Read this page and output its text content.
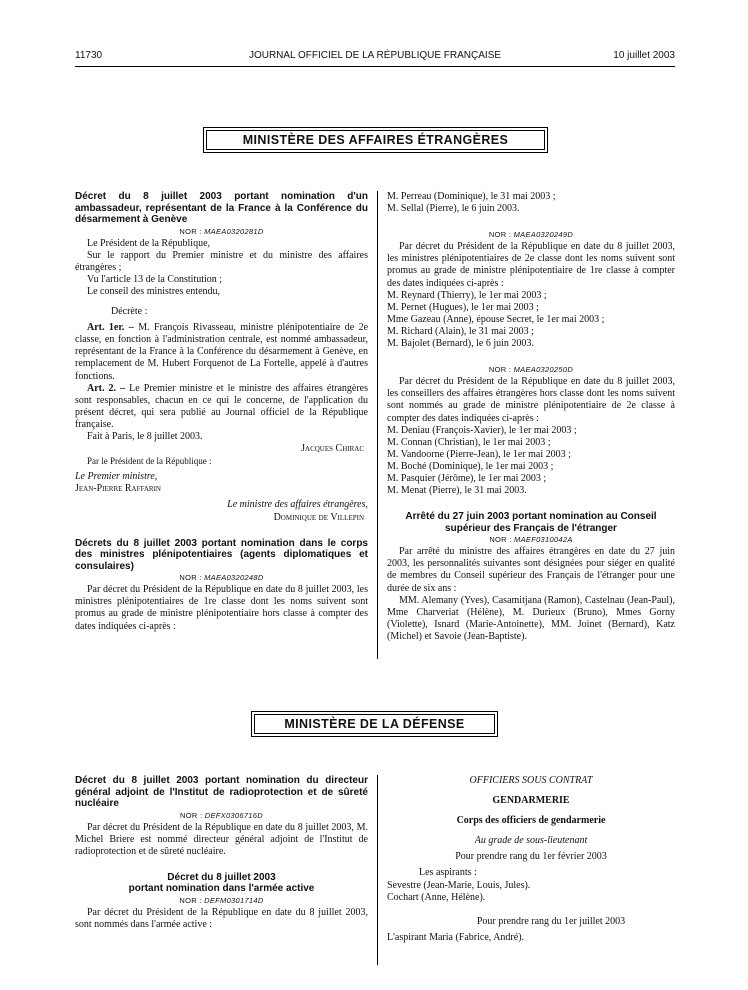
11730	JOURNAL OFFICIEL DE LA RÉPUBLIQUE FRANÇAISE	10 juillet 2003
MINISTÈRE DES AFFAIRES ÉTRANGÈRES

Décret du 8 juillet 2003 portant nomination d'un ambassadeur, représentant de la France à la Conférence du désarmement à Genève

NOR : MAEA0320281D

Le Président de la République,

Sur le rapport du Premier ministre et du ministre des affaires étrangères ;

Vu l'article 13 de la Constitution ;

Le conseil des ministres entendu,

Décrète :

Art. 1er. – M. François Rivasseau, ministre plénipotentiaire de 2e classe, en fonction à l'administration centrale, est nommé ambassadeur, représentant de la France à la Conférence du désarmement à Genève, en remplacement de M. Hubert Forquenot de La Fortelle, appelé à d'autres fonctions.

Art. 2. – Le Premier ministre et le ministre des affaires étrangères sont responsables, chacun en ce qui le concerne, de l'application du présent décret, qui sera publié au Journal officiel de la République française.

Fait à Paris, le 8 juillet 2003.

Jacques Chirac

Par le Président de la République :

Le Premier ministre,

Jean-Pierre Raffarin

Le ministre des affaires étrangères,

Dominique de Villepin

Décrets du 8 juillet 2003 portant nomination dans le corps des ministres plénipotentiaires (agents diplomatiques et consulaires)

NOR : MAEA0320248D

Par décret du Président de la République en date du 8 juillet 2003, les ministres plénipotentiaires de 1re classe dont les noms suivent sont promus au grade de ministre plénipotentiaire hors classe à compter des dates indiquées ci-après :

M. Perreau (Dominique), le 31 mai 2003 ;

M. Sellal (Pierre), le 6 juin 2003.

NOR : MAEA0320249D

Par décret du Président de la République en date du 8 juillet 2003, les ministres plénipotentiaires de 2e classe dont les noms suivent sont promus au grade de ministre plénipotentiaire de 1re classe à compter des dates indiquées ci-après :

M. Reynard (Thierry), le 1er mai 2003 ;

M. Pernet (Hugues), le 1er mai 2003 ;

Mme Gazeau (Anne), épouse Secret, le 1er mai 2003 ;

M. Richard (Alain), le 31 mai 2003 ;

M. Bajolet (Bernard), le 6 juin 2003.

NOR : MAEA0320250D

Par décret du Président de la République en date du 8 juillet 2003, les conseillers des affaires étrangères hors classe dont les noms suivent sont nommés au grade de ministre plénipotentiaire de 2e classe à compter des dates indiquées ci-après :

M. Deniau (François-Xavier), le 1er mai 2003 ;

M. Connan (Christian), le 1er mai 2003 ;

M. Vandoorne (Pierre-Jean), le 1er mai 2003 ;

M. Boché (Dominique), le 1er mai 2003 ;

M. Pasquier (Jérôme), le 1er mai 2003 ;

M. Menat (Pierre), le 31 mai 2003.

Arrêté du 27 juin 2003 portant nomination au Conseil supérieur des Français de l'étranger

NOR : MAEF0310042A

Par arrêté du ministre des affaires étrangères en date du 27 juin 2003, les personnalités suivantes sont désignées pour siéger en qualité de membres du Conseil supérieur des Français de l'étranger pour une durée de six ans :

MM. Alemany (Yves), Casamitjana (Ramon), Castelnau (Jean-Paul), Mme Charveriat (Hélène), M. Durieux (Bruno), Mmes Gorny (Violette), Isnard (Marie-Antoinette), MM. Joinet (Bernard), Katz (Michel) et Savoie (Jean-Baptiste).

MINISTÈRE DE LA DÉFENSE

Décret du 8 juillet 2003 portant nomination du directeur général adjoint de l'Institut de radioprotection et de sûreté nucléaire

NOR : DEFX0306716D

Par décret du Président de la République en date du 8 juillet 2003, M. Michel Briere est nommé directeur général adjoint de l'Institut de radioprotection et de sûreté nucléaire.

Décret du 8 juillet 2003

portant nomination dans l'armée active

NOR : DEFM0301714D

Par décret du Président de la République en date du 8 juillet 2003, sont nommés dans l'armée active :

OFFICIERS SOUS CONTRAT

GENDARMERIE

Corps des officiers de gendarmerie

Au grade de sous-lieutenant

Pour prendre rang du 1er février 2003

Les aspirants :

Sevestre (Jean-Marie, Louis, Jules).

Cochart (Anne, Hélène).

Pour prendre rang du 1er juillet 2003

L'aspirant Maria (Fabrice, André).
